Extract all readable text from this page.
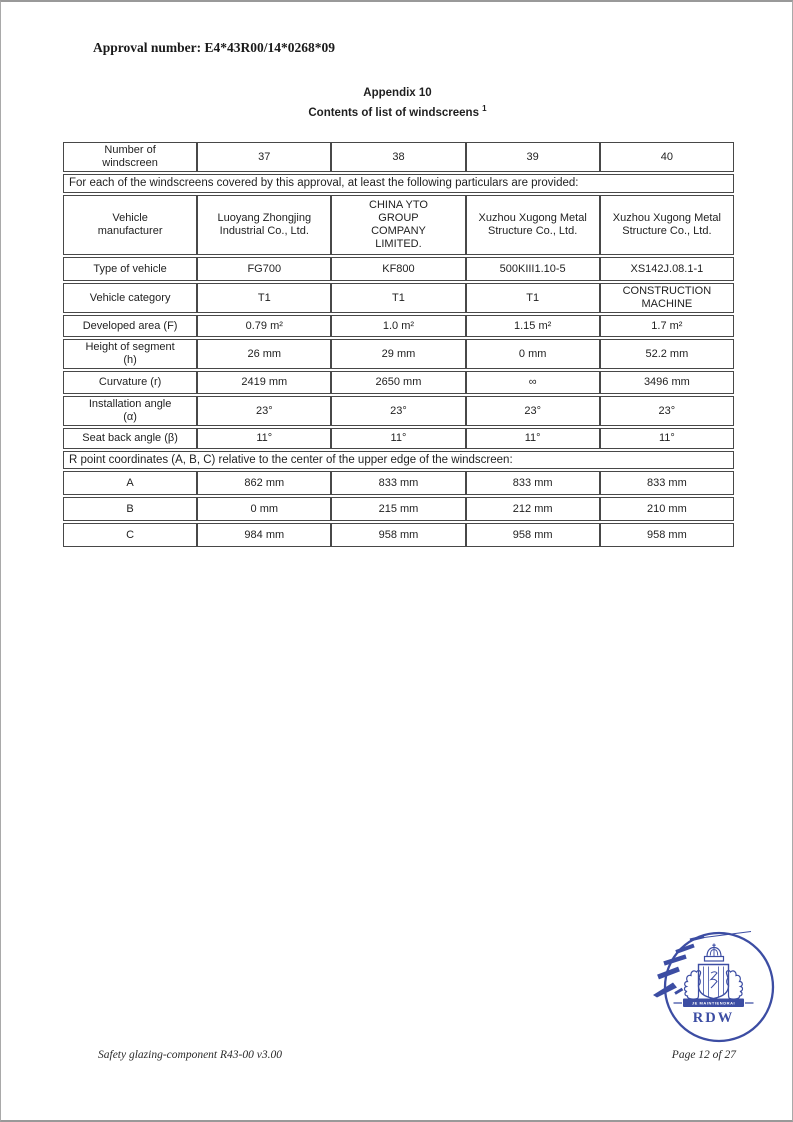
Approval number: E4*43R00/14*0268*09
Appendix 10
Contents of list of windscreens $^1$
Number of windscreen	37	38	39	40
For each of the windscreens covered by this approval, at least the following particulars are provided:				
Vehicle manufacturer	Luoyang Zhongjing Industrial Co., Ltd.	CHINA YTO GROUP COMPANY LIMITED.	Xuzhou Xugong Metal Structure Co., Ltd.	Xuzhou Xugong Metal Structure Co., Ltd.
Type of vehicle	FG700	KF800	500KIII1.10-5	XS142J.08.1-1
Vehicle category	T1	T1	T1	CONSTRUCTION MACHINE
Developed area (F)	0.79 m²	1.0 m²	1.15 m²	1.7 m²
Height of segment (h)	26 mm	29 mm	0 mm	52.2 mm
Curvature (r)	2419 mm	2650 mm	∞	3496 mm
Installation angle (α)	23°	23°	23°	23°
Seat back angle (β)	11°	11°	11°	11°
R point coordinates (A, B, C) relative to the center of the upper edge of the windscreen:				
A	862 mm	833 mm	833 mm	833 mm
B	0 mm	215 mm	212 mm	210 mm
C	984 mm	958 mm	958 mm	958 mm
RDW
JE MAINTIENDRAI
Safety glazing-component R43-00 v3.00	Page 12 of 27
